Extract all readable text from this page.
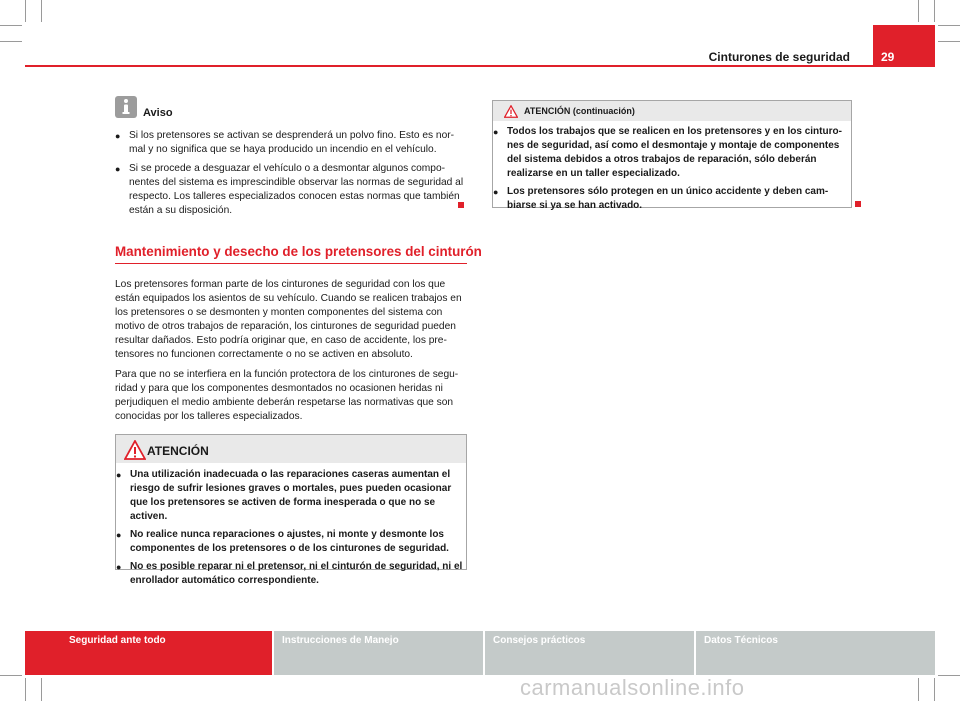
Cinturones de seguridad	29
Aviso
● Si los pretensores se activan se desprenderá un polvo fino. Esto es nor-mal y no significa que se haya producido un incendio en el vehículo.
● Si se procede a desguazar el vehículo o a desmontar algunos compo-nentes del sistema es imprescindible observar las normas de seguridad al respecto. Los talleres especializados conocen estas normas que también están a su disposición.
Mantenimiento y desecho de los pretensores del cinturón

Los pretensores forman parte de los cinturones de seguridad con los que están equipados los asientos de su vehículo. Cuando se realicen trabajos en los pretensores o se desmonten y monten componentes del sistema con motivo de otros trabajos de reparación, los cinturones de seguridad pueden resultar dañados. Esto podría originar que, en caso de accidente, los pre-tensores no funcionen correctamente o no se activen en absoluto.

Para que no se interfiera en la función protectora de los cinturones de segu-ridad y para que los componentes desmontados no ocasionen heridas ni perjudiquen el medio ambiente deberán respetarse las normativas que son conocidas por los talleres especializados.

ATENCIÓN
● Una utilización inadecuada o las reparaciones caseras aumentan el riesgo de sufrir lesiones graves o mortales, pues pueden ocasionar que los pretensores se activen de forma inesperada o que no se activen.
● No realice nunca reparaciones o ajustes, ni monte y desmonte los componentes de los pretensores o de los cinturones de seguridad.
● No es posible reparar ni el pretensor, ni el cinturón de seguridad, ni el enrollador automático correspondiente.
ATENCIÓN (continuación)
● Todos los trabajos que se realicen en los pretensores y en los cinturo-nes de seguridad, así como el desmontaje y montaje de componentes del sistema debidos a otros trabajos de reparación, sólo deberán realizarse en un taller especializado.
● Los pretensores sólo protegen en un único accidente y deben cam-biarse si ya se han activado.
Seguridad ante todo	Instrucciones de Manejo	Consejos prácticos	Datos Técnicos
carmanualsonline.info
